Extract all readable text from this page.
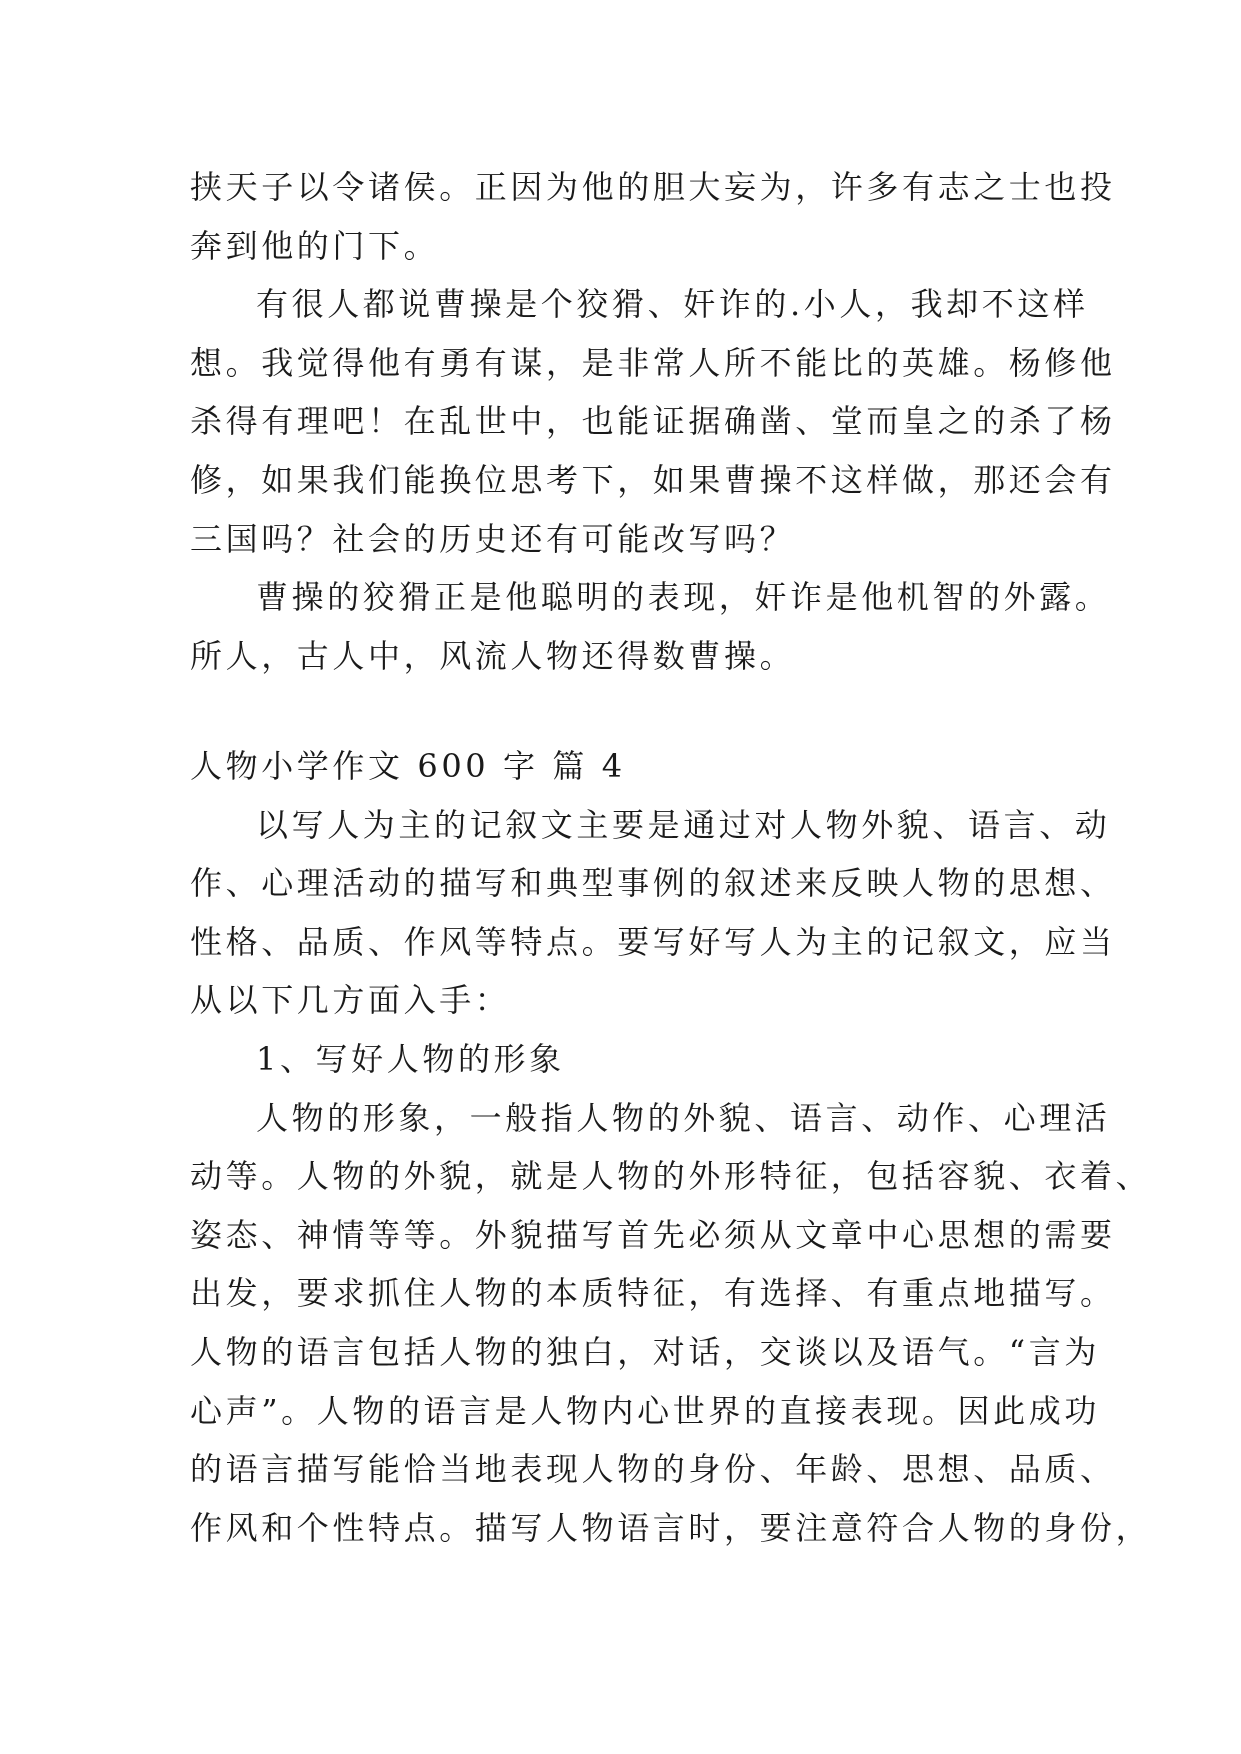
挟天子以令诸侯。正因为他的胆大妄为，许多有志之士也投
奔到他的门下。
有很人都说曹操是个狡猾、奸诈的.小人，我却不这样
想。我觉得他有勇有谋，是非常人所不能比的英雄。杨修他
杀得有理吧！在乱世中，也能证据确凿、堂而皇之的杀了杨
修，如果我们能换位思考下，如果曹操不这样做，那还会有
三国吗？社会的历史还有可能改写吗？
曹操的狡猾正是他聪明的表现，奸诈是他机智的外露。
所人，古人中，风流人物还得数曹操。
人物小学作文 600 字 篇 4
以写人为主的记叙文主要是通过对人物外貌、语言、动
作、心理活动的描写和典型事例的叙述来反映人物的思想、
性格、品质、作风等特点。要写好写人为主的记叙文，应当
从以下几方面入手：
1、写好人物的形象
人物的形象，一般指人物的外貌、语言、动作、心理活
动等。人物的外貌，就是人物的外形特征，包括容貌、衣着、
姿态、神情等等。外貌描写首先必须从文章中心思想的需要
出发，要求抓住人物的本质特征，有选择、有重点地描写。
人物的语言包括人物的独白，对话，交谈以及语气。“言为
心声”。人物的语言是人物内心世界的直接表现。因此成功
的语言描写能恰当地表现人物的身份、年龄、思想、品质、
作风和个性特点。描写人物语言时，要注意符合人物的身份，
